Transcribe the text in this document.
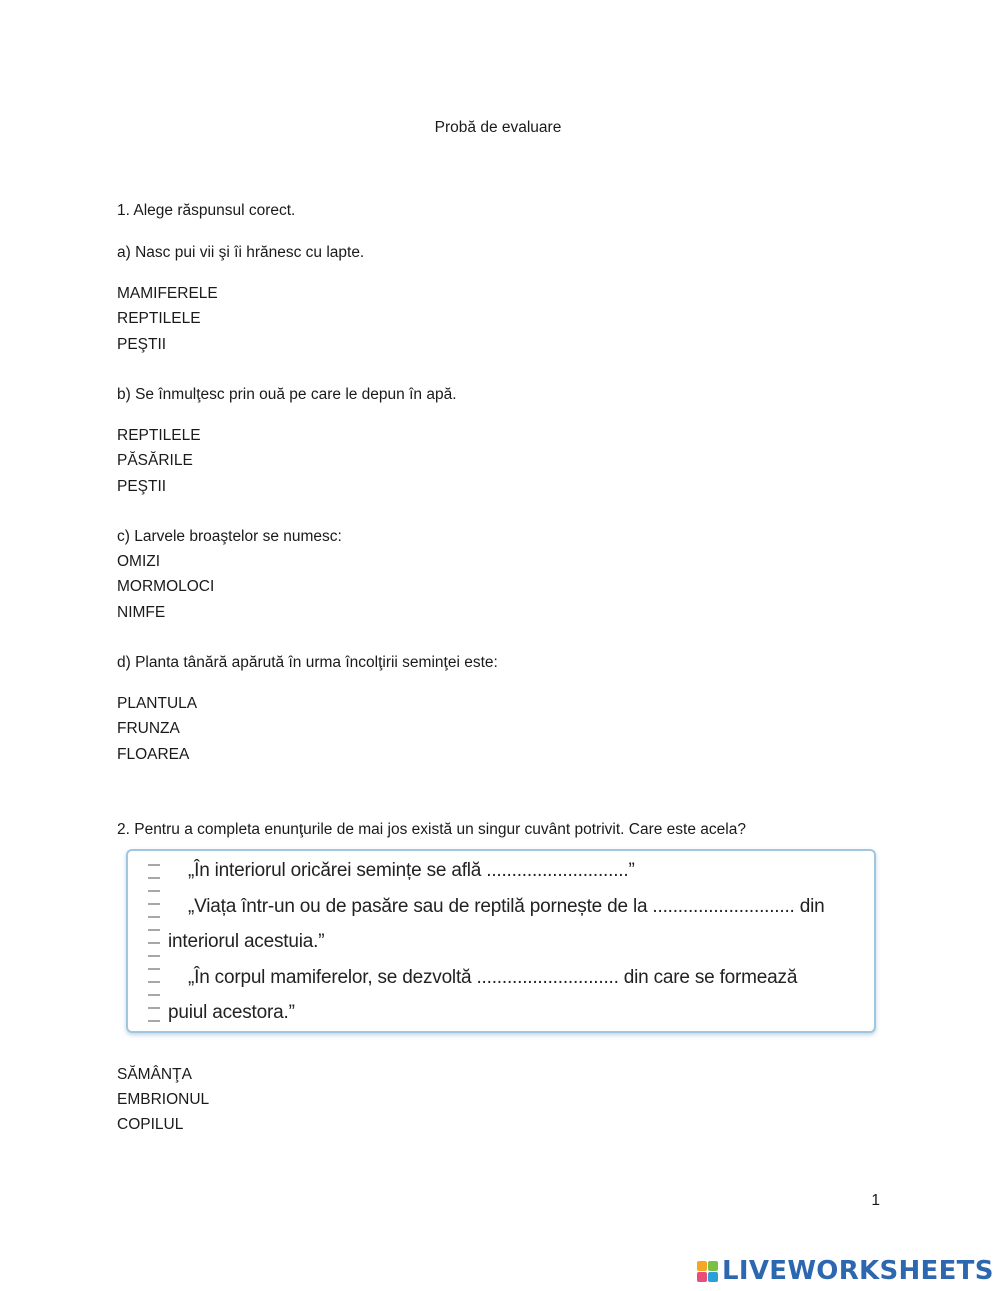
Probă de evaluare
1. Alege răspunsul corect.
a) Nasc pui vii şi îi hrănesc cu lapte.
MAMIFERELE
REPTILELE
PEŞTII
b) Se înmulţesc prin ouă pe care le depun în apă.
REPTILELE
PĂSĂRILE
PEŞTII
c) Larvele broaştelor se numesc:
OMIZI
MORMOLOCI
NIMFE
d) Planta tânără apărută în urma încolţirii seminţei este:
PLANTULA
FRUNZA
FLOAREA
2. Pentru a completa enunţurile de mai jos există un singur cuvânt potrivit. Care este acela?
„În interiorul oricărei semințe se află ............................”
„Viața într-un ou de pasăre sau de reptilă pornește de la ............................ din
interiorul acestuia.”
„În corpul mamiferelor, se dezvoltă ............................ din care se formează
puiul acestora.”
SĂMÂNŢA
EMBRIONUL
COPILUL
1
LIVEWORKSHEETS
